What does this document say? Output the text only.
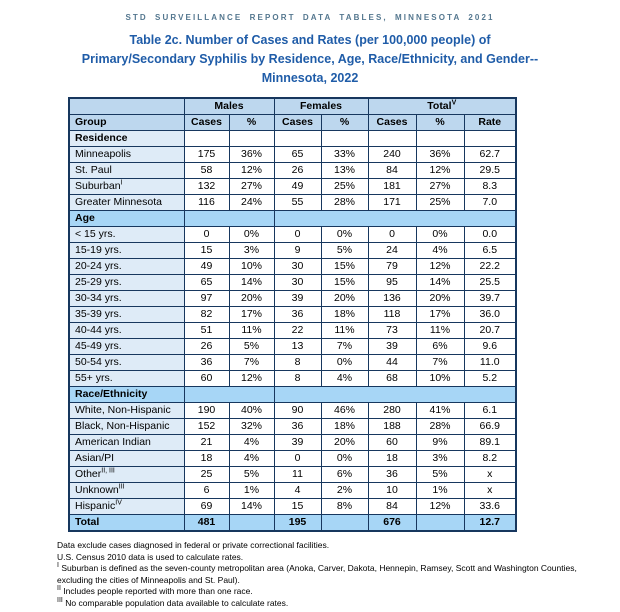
STD SURVEILLANCE REPORT DATA TABLES, MINNESOTA 2021
Table 2c. Number of Cases and Rates (per 100,000 people) of
Primary/Secondary Syphilis by Residence, Age, Race/Ethnicity, and Gender--
Minnesota, 2022
	Males		Females		Total$^V$
Group	Cases	%	Cases	%	Cases	%	Rate
Residence							
Minneapolis	175	36%	65	33%	240	36%	62.7
St. Paul	58	12%	26	13%	84	12%	29.5
Suburban$^I$	132	27%	49	25%	181	27%	8.3
Greater Minnesota	116	24%	55	28%	171	25%	7.0
Age							
< 15 yrs.	0	0%	0	0%	0	0%	0.0
15-19 yrs.	15	3%	9	5%	24	4%	6.5
20-24 yrs.	49	10%	30	15%	79	12%	22.2
25-29 yrs.	65	14%	30	15%	95	14%	25.5
30-34 yrs.	97	20%	39	20%	136	20%	39.7
35-39 yrs.	82	17%	36	18%	118	17%	36.0
40-44 yrs.	51	11%	22	11%	73	11%	20.7
45-49 yrs.	26	5%	13	7%	39	6%	9.6
50-54 yrs.	36	7%	8	0%	44	7%	11.0
55+ yrs.	60	12%	8	4%	68	10%	5.2
Race/Ethnicity							
White, Non-Hispanic	190	40%	90	46%	280	41%	6.1
Black, Non-Hispanic	152	32%	36	18%	188	28%	66.9
American Indian	21	4%	39	20%	60	9%	89.1
Asian/PI	18	4%	0	0%	18	3%	8.2
Other$^{II, III}$	25	5%	11	6%	36	5%	x
Unknown$^{III}$	6	1%	4	2%	10	1%	x
Hispanic$^{IV}$	69	14%	15	8%	84	12%	33.6
Total	481		195		676		12.7
Data exclude cases diagnosed in federal or private correctional facilities.
U.S. Census 2010 data is used to calculate rates.
$^I$ Suburban is defined as the seven-county metropolitan area (Anoka, Carver, Dakota, Hennepin, Ramsey, Scott and Washington Counties, excluding the cities of Minneapolis and St. Paul).
$^{II}$ Includes people reported with more than one race.
$^{III}$ No comparable population data available to calculate rates.
